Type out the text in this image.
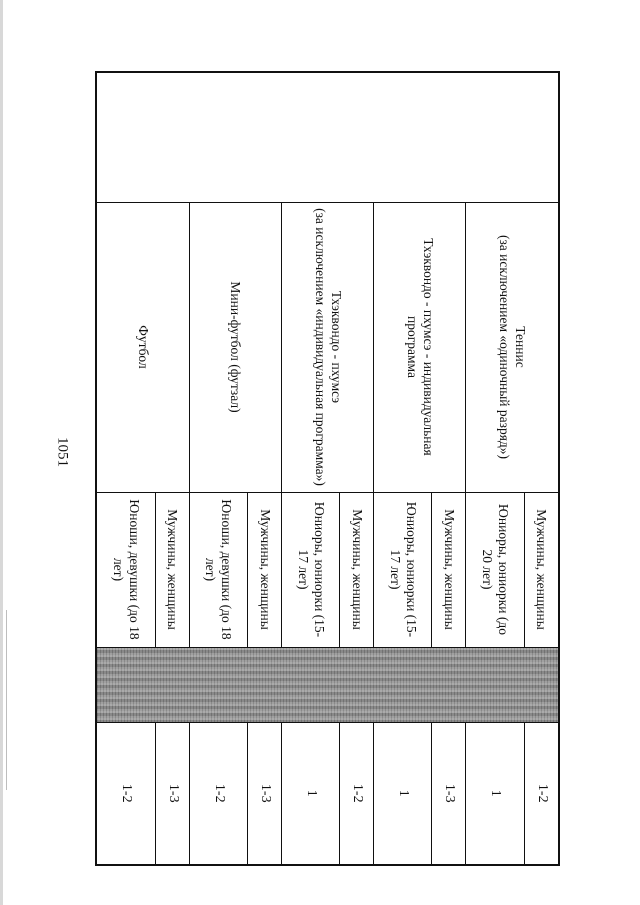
1051

	Теннис
(за исключением «одиночный разряд»)	Мужчины, женщины		1-2
		Юниоры, юниорки (до 20 лет)		1

	Тхэквондо - пхумсэ - индивидуальная программа	Мужчины, женщины		1-3
		Юниоры, юниорки (15-17 лет)		1

	Тхэквондо - пхумсэ
(за исключением «индивидуальная программа»)	Мужчины, женщины		1-2
		Юниоры, юниорки (15-17 лет)		1

	Мини-футбол (футзал)	Мужчины, женщины		1-3
		Юноши, девушки (до 18 лет)		1-2

	Футбол	Мужчины, женщины		1-3
		Юноши, девушки (до 18 лет)		1-2
